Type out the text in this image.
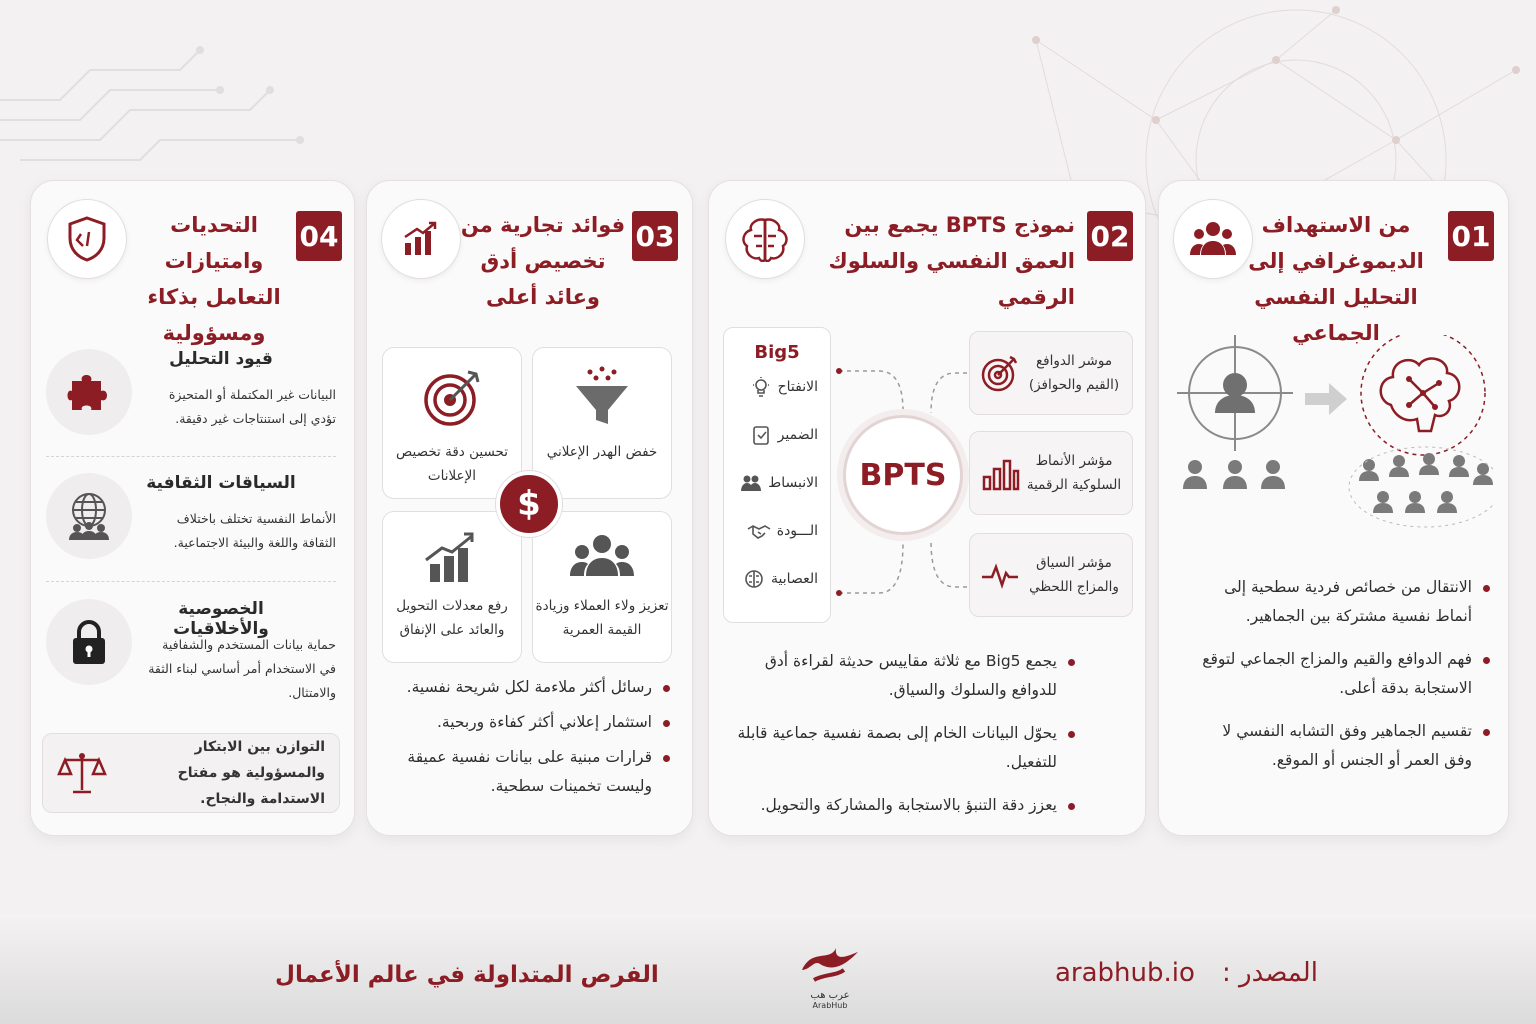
01
من الاستهداف الديموغرافي إلى التحليل النفسي الجماعي
الانتقال من خصائص فردية سطحية إلى أنماط نفسية مشتركة بين الجماهير.
فهم الدوافع والقيم والمزاج الجماعي لتوقع الاستجابة بدقة أعلى.
تقسيم الجماهير وفق التشابه النفسي لا وفق العمر أو الجنس أو الموقع.
02
نموذج BPTS يجمع بين العمق النفسي والسلوك الرقمي
Big5
الانفتاح
الضمير
الانبساط
الـــودة
العصابية
BPTS
موشر الدوافع (القيم والحوافز)
مؤشر الأنماط السلوكية الرقمية
مؤشر السياق والمزاج اللحظي
يجمع Big5 مع ثلاثة مقاييس حديثة لقراءة أدق للدوافع والسلوك والسياق.
يحوّل البيانات الخام إلى بصمة نفسية جماعية قابلة للتفعيل.
يعزز دقة التنبؤ بالاستجابة والمشاركة والتحويل.
03
فوائد تجارية من تخصيص أدق وعائد أعلى

خفض الهدر الإعلاني

تحسين دقة تخصيص الإعلانات

تعزيز ولاء العملاء وزيادة القيمة العمرية

رفع معدلات التحويل والعائد على الإنفاق

$
رسائل أكثر ملاءمة لكل شريحة نفسية.
استثمار إعلاني أكثر كفاءة وربحية.
قرارات مبنية على بيانات نفسية عميقة وليست تخمينات سطحية.
04
التحديات وامتيازات التعامل بذكاء ومسؤولية
قيود التحليل

البيانات غير المكتملة أو المتحيزة تؤدي إلى استنتاجات غير دقيقة.

السياقات الثقافية

الأنماط النفسية تختلف باختلاف الثقافة واللغة والبيئة الاجتماعية.

الخصوصية والأخلاقيات

حماية بيانات المستخدم والشفافية في الاستخدام أمر أساسي لبناء الثقة والامتثال.

التوازن بين الابتكار والمسؤولية هو مفتاح الاستدامة والنجاح.
الفرص المتداولة في عالم الأعمال
عرب هب
ArabHub
arabhub.io المصدر :
